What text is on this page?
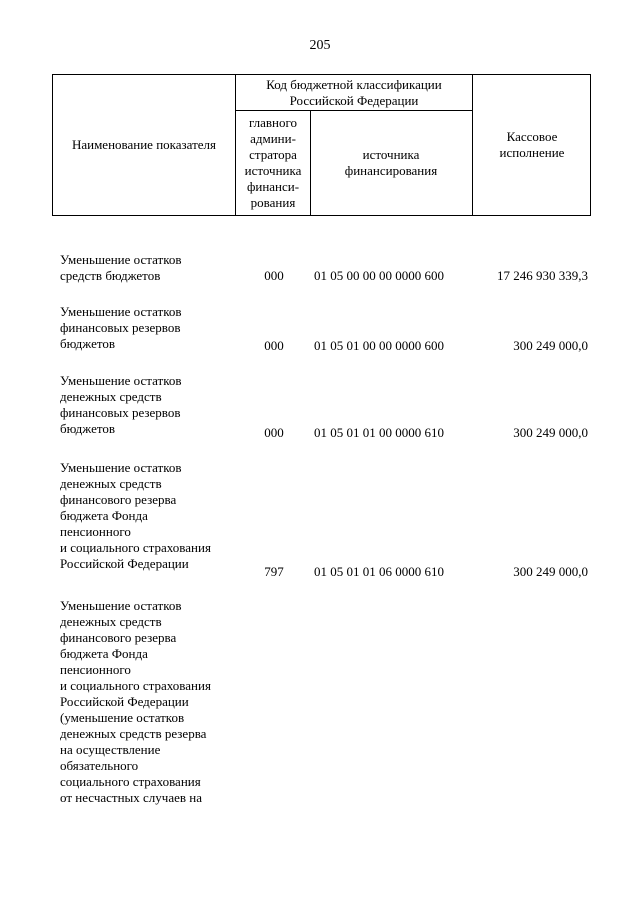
205
Наименование показателя
Код бюджетной классификации Российской Федерации
главного админи-стратора источника финанси-рования
источника финансирования
Кассовое исполнение
Уменьшение остатков
средств бюджетов	000	01 05 00 00 00 0000 600	17 246 930 339,3
Уменьшение остатков
финансовых резервов
бюджетов	000	01 05 01 00 00 0000 600	300 249 000,0
Уменьшение остатков
денежных средств
финансовых резервов
бюджетов	000	01 05 01 01 00 0000 610	300 249 000,0
Уменьшение остатков
денежных средств
финансового резерва
бюджета Фонда
пенсионного
и социального страхования
Российской Федерации
797	01 05 01 01 06 0000 610	300 249 000,0
Уменьшение остатков
денежных средств
финансового резерва
бюджета Фонда
пенсионного
и социального страхования
Российской Федерации
(уменьшение остатков
денежных средств резерва
на осуществление
обязательного
социального страхования
от несчастных случаев на
